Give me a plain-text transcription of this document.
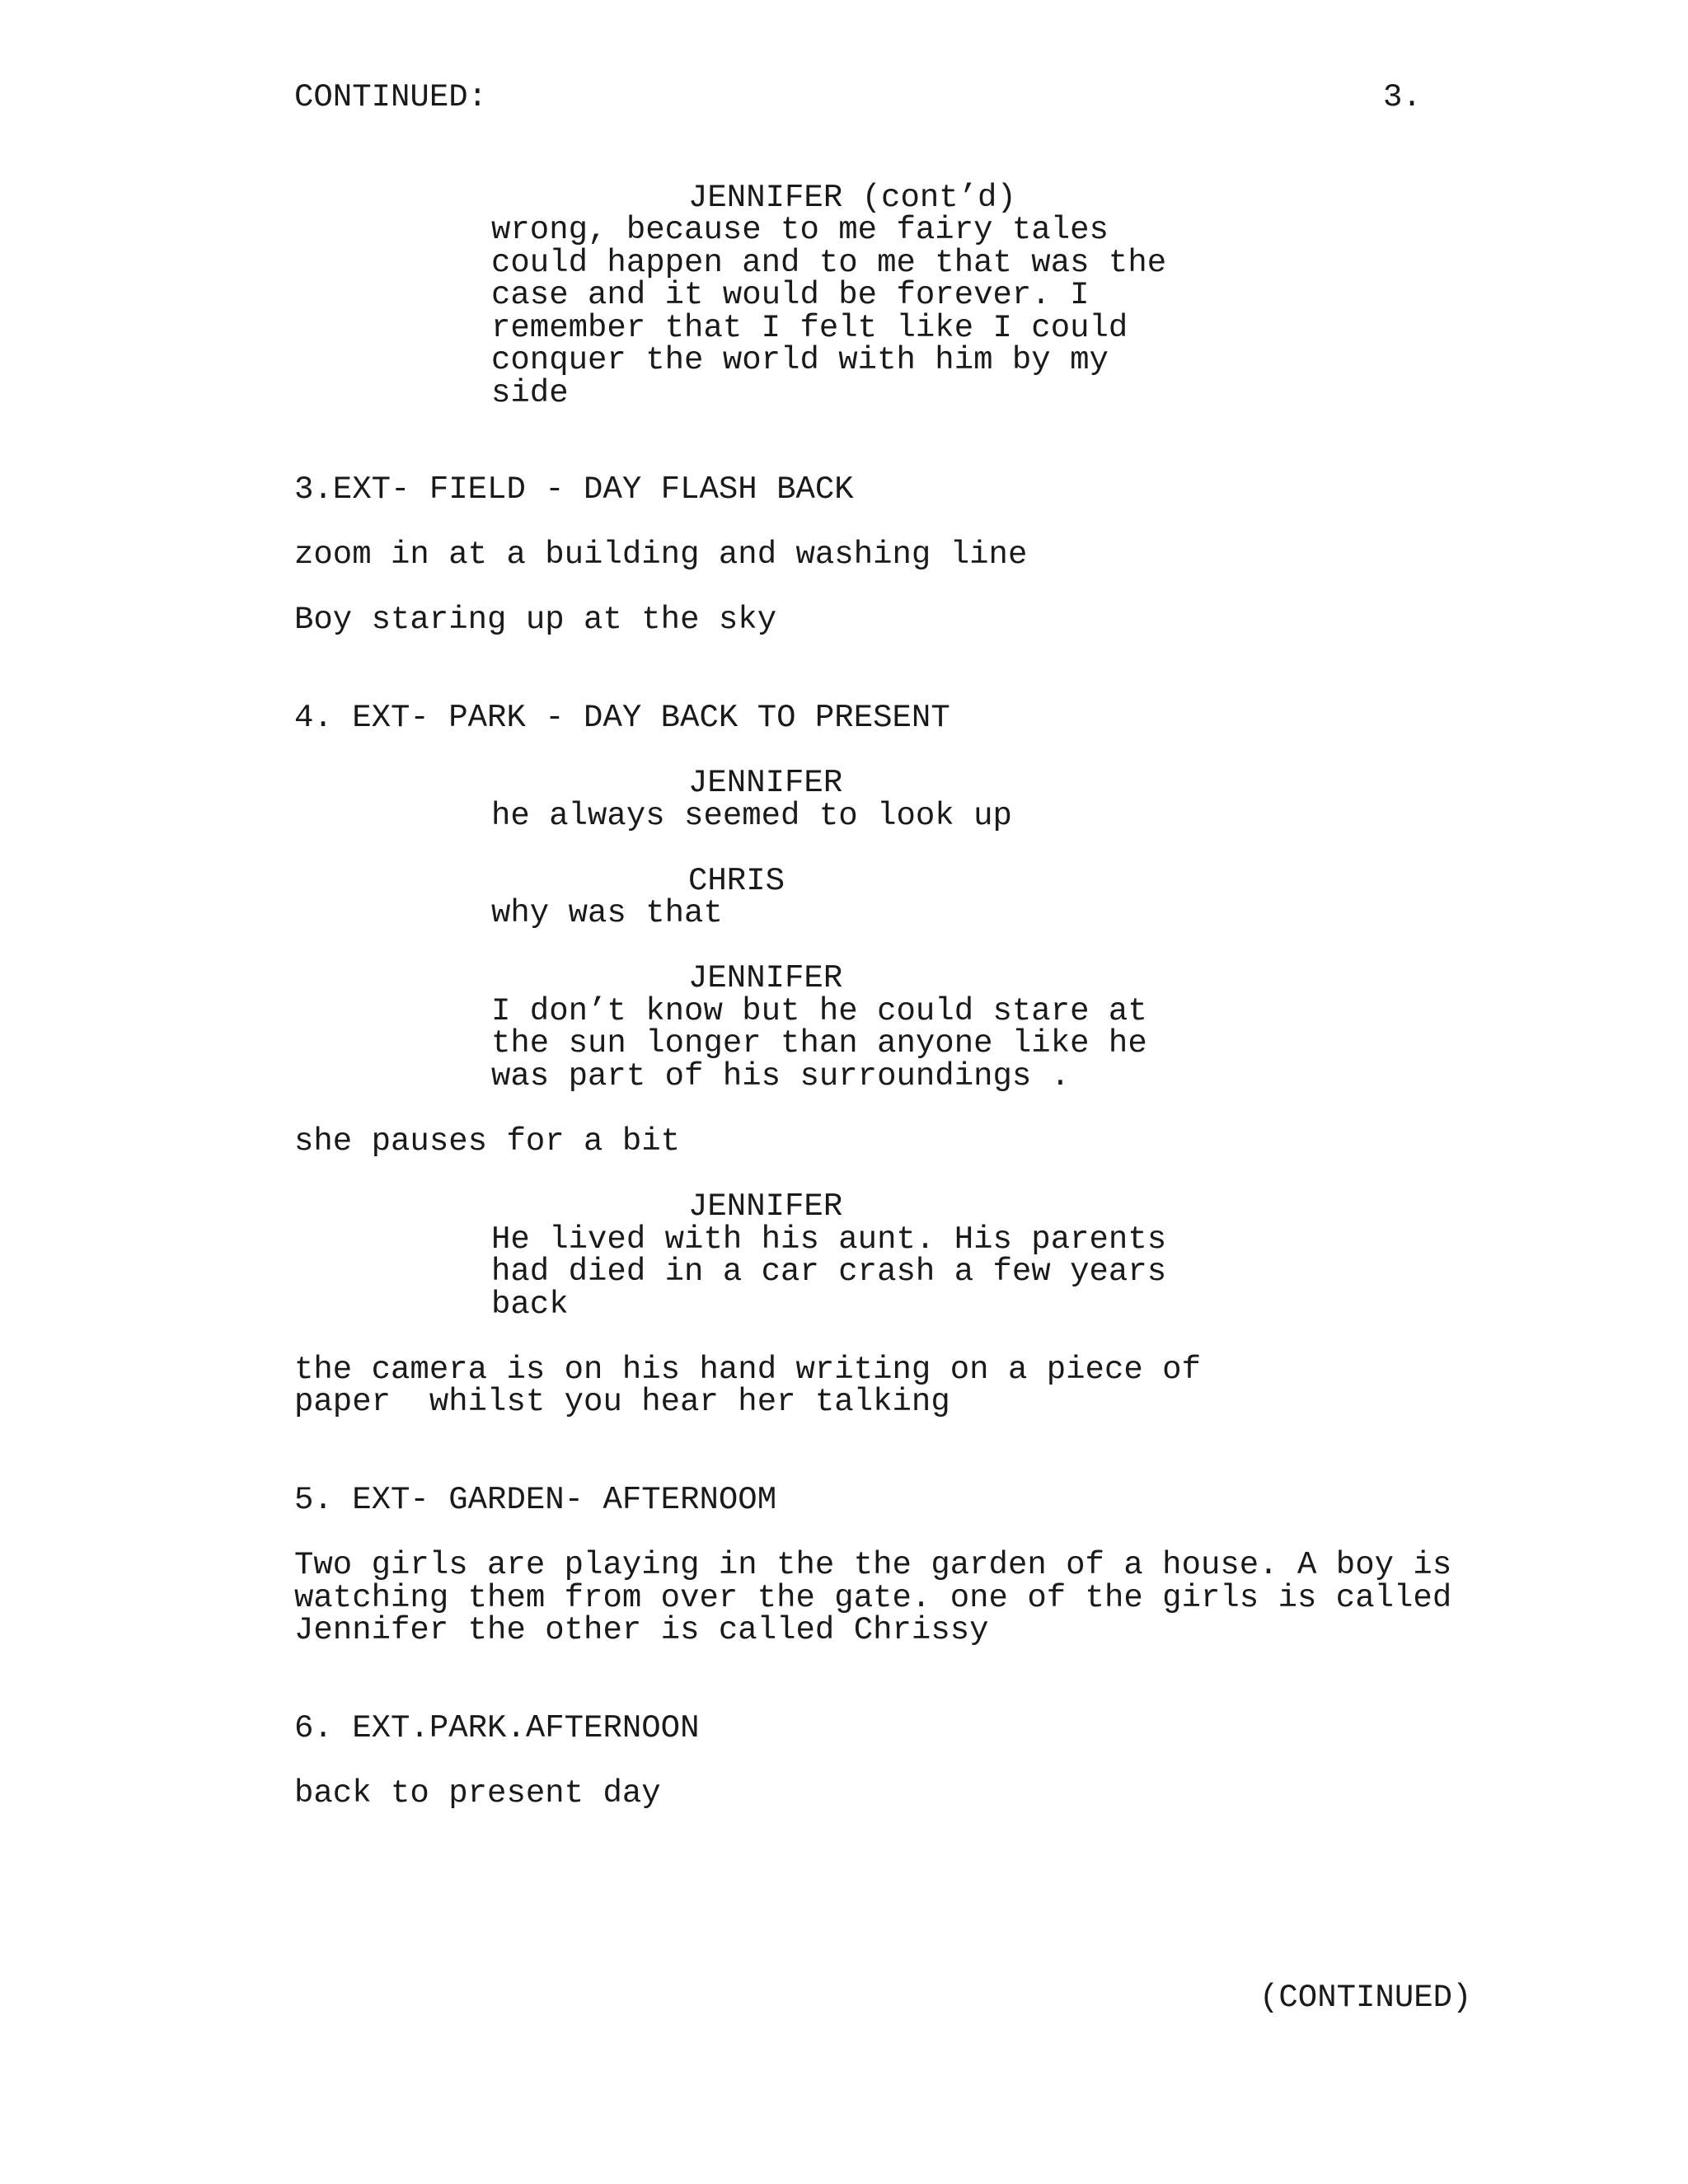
CONTINUED:	3.
JENNIFER (cont’d)
wrong, because to me fairy tales
could happen and to me that was the
case and it would be forever. I
remember that I felt like I could
conquer the world with him by my
side
3.EXT- FIELD - DAY FLASH BACK
zoom in at a building and washing line
Boy staring up at the sky
4. EXT- PARK - DAY BACK TO PRESENT
JENNIFER
he always seemed to look up
CHRIS
why was that
JENNIFER
I don’t know but he could stare at
the sun longer than anyone like he
was part of his surroundings .
she pauses for a bit
JENNIFER
He lived with his aunt. His parents
had died in a car crash a few years
back
the camera is on his hand writing on a piece of
paper  whilst you hear her talking
5. EXT- GARDEN- AFTERNOOM
Two girls are playing in the the garden of a house. A boy is
watching them from over the gate. one of the girls is called
Jennifer the other is called Chrissy
6. EXT.PARK.AFTERNOON
back to present day
(CONTINUED)
